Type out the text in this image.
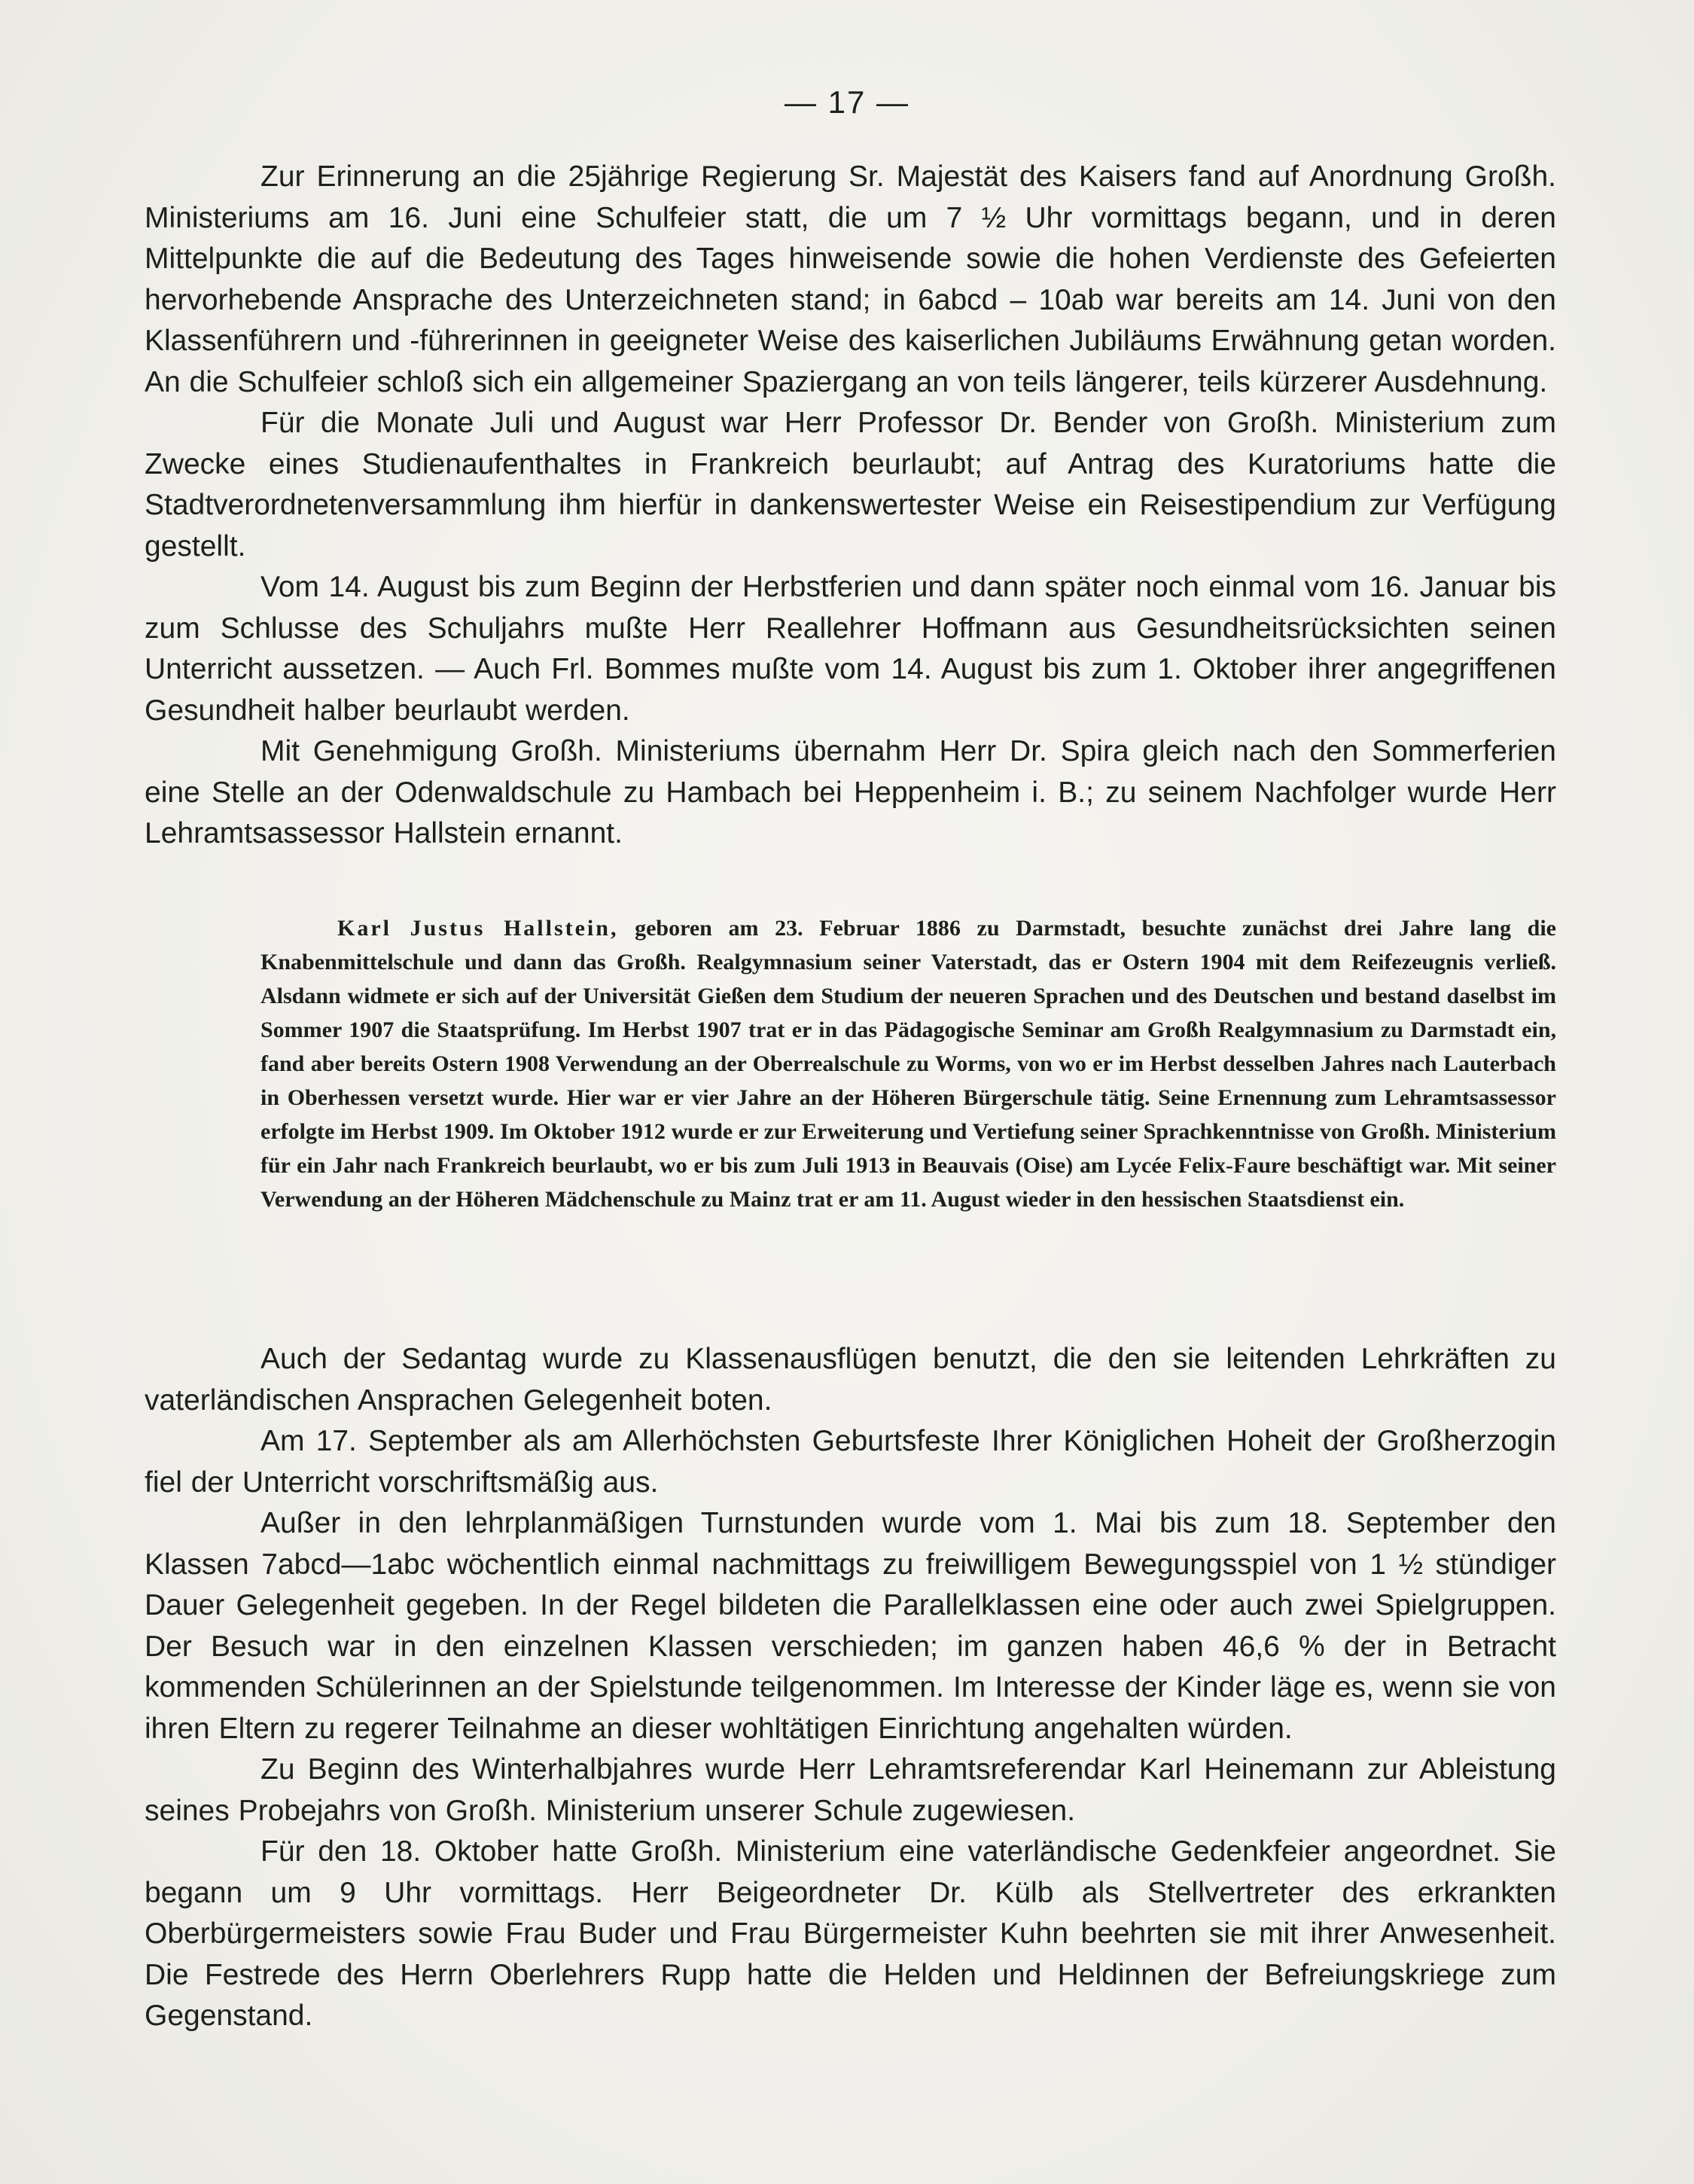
— 17 —

Zur Erinnerung an die 25jährige Regierung Sr. Majestät des Kaisers fand auf Anordnung Großh. Ministeriums am 16. Juni eine Schulfeier statt, die um 7 ½ Uhr vormittags begann, und in deren Mittelpunkte die auf die Bedeutung des Tages hinweisende sowie die hohen Verdienste des Gefeierten hervorhebende Ansprache des Unterzeichneten stand; in 6abcd – 10ab war bereits am 14. Juni von den Klassenführern und -führerinnen in geeigneter Weise des kaiserlichen Jubiläums Erwähnung getan worden. An die Schulfeier schloß sich ein allgemeiner Spaziergang an von teils längerer, teils kürzerer Ausdehnung.

Für die Monate Juli und August war Herr Professor Dr. Bender von Großh. Ministerium zum Zwecke eines Studienaufenthaltes in Frankreich beurlaubt; auf Antrag des Kuratoriums hatte die Stadtverordnetenversammlung ihm hierfür in dankenswertester Weise ein Reisestipendium zur Verfügung gestellt.

Vom 14. August bis zum Beginn der Herbstferien und dann später noch einmal vom 16. Januar bis zum Schlusse des Schuljahrs mußte Herr Reallehrer Hoffmann aus Gesundheitsrücksichten seinen Unterricht aussetzen. — Auch Frl. Bommes mußte vom 14. August bis zum 1. Oktober ihrer angegriffenen Gesundheit halber beurlaubt werden.

Mit Genehmigung Großh. Ministeriums übernahm Herr Dr. Spira gleich nach den Sommerferien eine Stelle an der Odenwaldschule zu Hambach bei Heppenheim i. B.; zu seinem Nachfolger wurde Herr Lehramtsassessor Hallstein ernannt.

Karl Justus Hallstein, geboren am 23. Februar 1886 zu Darmstadt, besuchte zunächst drei Jahre lang die Knabenmittelschule und dann das Großh. Realgymnasium seiner Vaterstadt, das er Ostern 1904 mit dem Reifezeugnis verließ. Alsdann widmete er sich auf der Universität Gießen dem Studium der neueren Sprachen und des Deutschen und bestand daselbst im Sommer 1907 die Staatsprüfung. Im Herbst 1907 trat er in das Pädagogische Seminar am Großh Realgymnasium zu Darmstadt ein, fand aber bereits Ostern 1908 Verwendung an der Oberrealschule zu Worms, von wo er im Herbst desselben Jahres nach Lauterbach in Oberhessen versetzt wurde. Hier war er vier Jahre an der Höheren Bürgerschule tätig. Seine Ernennung zum Lehramtsassessor erfolgte im Herbst 1909. Im Oktober 1912 wurde er zur Erweiterung und Vertiefung seiner Sprachkenntnisse von Großh. Ministerium für ein Jahr nach Frankreich beurlaubt, wo er bis zum Juli 1913 in Beauvais (Oise) am Lycée Felix-Faure beschäftigt war. Mit seiner Verwendung an der Höheren Mädchenschule zu Mainz trat er am 11. August wieder in den hessischen Staatsdienst ein.

Auch der Sedantag wurde zu Klassenausflügen benutzt, die den sie leitenden Lehrkräften zu vaterländischen Ansprachen Gelegenheit boten.

Am 17. September als am Allerhöchsten Geburtsfeste Ihrer Königlichen Hoheit der Großherzogin fiel der Unterricht vorschriftsmäßig aus.

Außer in den lehrplanmäßigen Turnstunden wurde vom 1. Mai bis zum 18. September den Klassen 7abcd—1abc wöchentlich einmal nachmittags zu freiwilligem Bewegungsspiel von 1 ½ stündiger Dauer Gelegenheit gegeben. In der Regel bildeten die Parallelklassen eine oder auch zwei Spielgruppen. Der Besuch war in den einzelnen Klassen verschieden; im ganzen haben 46,6 % der in Betracht kommenden Schülerinnen an der Spielstunde teilgenommen. Im Interesse der Kinder läge es, wenn sie von ihren Eltern zu regerer Teilnahme an dieser wohltätigen Einrichtung angehalten würden.

Zu Beginn des Winterhalbjahres wurde Herr Lehramtsreferendar Karl Heinemann zur Ableistung seines Probejahrs von Großh. Ministerium unserer Schule zugewiesen.

Für den 18. Oktober hatte Großh. Ministerium eine vaterländische Gedenkfeier angeordnet. Sie begann um 9 Uhr vormittags. Herr Beigeordneter Dr. Külb als Stellvertreter des erkrankten Oberbürgermeisters sowie Frau Buder und Frau Bürgermeister Kuhn beehrten sie mit ihrer Anwesenheit. Die Festrede des Herrn Oberlehrers Rupp hatte die Helden und Heldinnen der Befreiungskriege zum Gegenstand.
